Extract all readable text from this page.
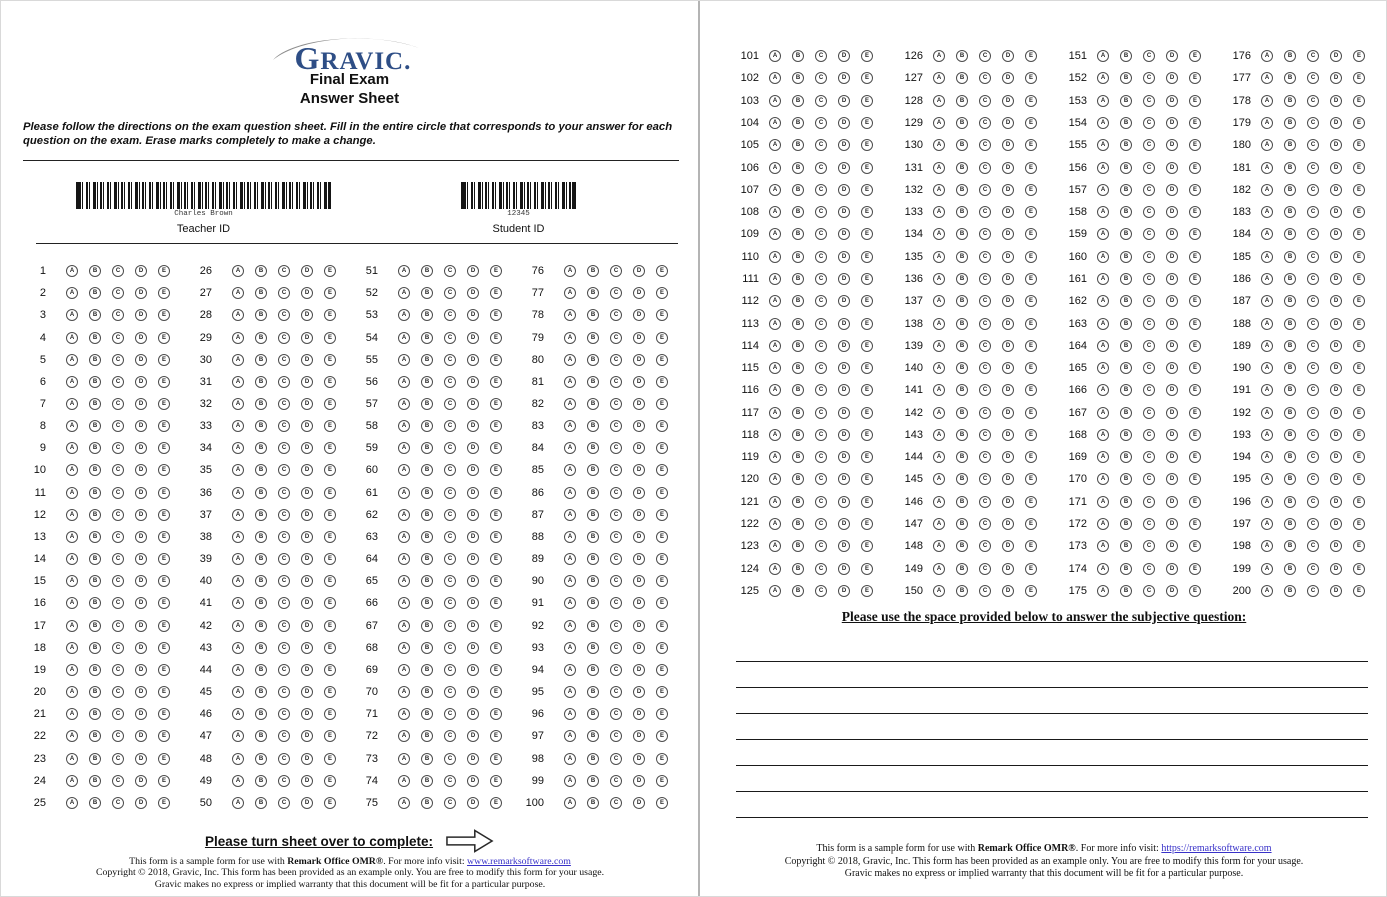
GRAVIC.
Final Exam
Answer Sheet
Please follow the directions on the exam question sheet. Fill in the entire circle that corresponds to your answer for each question on the exam. Erase marks completely to make a change.
Charles Brown
Teacher ID
12345
Student ID
1	A	B	C	D	E
2	A	B	C	D	E
3	A	B	C	D	E
4	A	B	C	D	E
5	A	B	C	D	E
6	A	B	C	D	E
7	A	B	C	D	E
8	A	B	C	D	E
9	A	B	C	D	E
10	A	B	C	D	E
11	A	B	C	D	E
12	A	B	C	D	E
13	A	B	C	D	E
14	A	B	C	D	E
15	A	B	C	D	E
16	A	B	C	D	E
17	A	B	C	D	E
18	A	B	C	D	E
19	A	B	C	D	E
20	A	B	C	D	E
21	A	B	C	D	E
22	A	B	C	D	E
23	A	B	C	D	E
24	A	B	C	D	E
25	A	B	C	D	E
26	A	B	C	D	E
27	A	B	C	D	E
28	A	B	C	D	E
29	A	B	C	D	E
30	A	B	C	D	E
31	A	B	C	D	E
32	A	B	C	D	E
33	A	B	C	D	E
34	A	B	C	D	E
35	A	B	C	D	E
36	A	B	C	D	E
37	A	B	C	D	E
38	A	B	C	D	E
39	A	B	C	D	E
40	A	B	C	D	E
41	A	B	C	D	E
42	A	B	C	D	E
43	A	B	C	D	E
44	A	B	C	D	E
45	A	B	C	D	E
46	A	B	C	D	E
47	A	B	C	D	E
48	A	B	C	D	E
49	A	B	C	D	E
50	A	B	C	D	E
51	A	B	C	D	E
52	A	B	C	D	E
53	A	B	C	D	E
54	A	B	C	D	E
55	A	B	C	D	E
56	A	B	C	D	E
57	A	B	C	D	E
58	A	B	C	D	E
59	A	B	C	D	E
60	A	B	C	D	E
61	A	B	C	D	E
62	A	B	C	D	E
63	A	B	C	D	E
64	A	B	C	D	E
65	A	B	C	D	E
66	A	B	C	D	E
67	A	B	C	D	E
68	A	B	C	D	E
69	A	B	C	D	E
70	A	B	C	D	E
71	A	B	C	D	E
72	A	B	C	D	E
73	A	B	C	D	E
74	A	B	C	D	E
75	A	B	C	D	E
76	A	B	C	D	E
77	A	B	C	D	E
78	A	B	C	D	E
79	A	B	C	D	E
80	A	B	C	D	E
81	A	B	C	D	E
82	A	B	C	D	E
83	A	B	C	D	E
84	A	B	C	D	E
85	A	B	C	D	E
86	A	B	C	D	E
87	A	B	C	D	E
88	A	B	C	D	E
89	A	B	C	D	E
90	A	B	C	D	E
91	A	B	C	D	E
92	A	B	C	D	E
93	A	B	C	D	E
94	A	B	C	D	E
95	A	B	C	D	E
96	A	B	C	D	E
97	A	B	C	D	E
98	A	B	C	D	E
99	A	B	C	D	E
100	A	B	C	D	E
Please turn sheet over to complete:
This form is a sample form for use with Remark Office OMR®. For more info visit: www.remarksoftware.com
Copyright © 2018, Gravic, Inc. This form has been provided as an example only. You are free to modify this form for your usage.
Gravic makes no express or implied warranty that this document will be fit for a particular purpose.
101	A	B	C	D	E
102	A	B	C	D	E
103	A	B	C	D	E
104	A	B	C	D	E
105	A	B	C	D	E
106	A	B	C	D	E
107	A	B	C	D	E
108	A	B	C	D	E
109	A	B	C	D	E
110	A	B	C	D	E
111	A	B	C	D	E
112	A	B	C	D	E
113	A	B	C	D	E
114	A	B	C	D	E
115	A	B	C	D	E
116	A	B	C	D	E
117	A	B	C	D	E
118	A	B	C	D	E
119	A	B	C	D	E
120	A	B	C	D	E
121	A	B	C	D	E
122	A	B	C	D	E
123	A	B	C	D	E
124	A	B	C	D	E
125	A	B	C	D	E
126	A	B	C	D	E
127	A	B	C	D	E
128	A	B	C	D	E
129	A	B	C	D	E
130	A	B	C	D	E
131	A	B	C	D	E
132	A	B	C	D	E
133	A	B	C	D	E
134	A	B	C	D	E
135	A	B	C	D	E
136	A	B	C	D	E
137	A	B	C	D	E
138	A	B	C	D	E
139	A	B	C	D	E
140	A	B	C	D	E
141	A	B	C	D	E
142	A	B	C	D	E
143	A	B	C	D	E
144	A	B	C	D	E
145	A	B	C	D	E
146	A	B	C	D	E
147	A	B	C	D	E
148	A	B	C	D	E
149	A	B	C	D	E
150	A	B	C	D	E
151	A	B	C	D	E
152	A	B	C	D	E
153	A	B	C	D	E
154	A	B	C	D	E
155	A	B	C	D	E
156	A	B	C	D	E
157	A	B	C	D	E
158	A	B	C	D	E
159	A	B	C	D	E
160	A	B	C	D	E
161	A	B	C	D	E
162	A	B	C	D	E
163	A	B	C	D	E
164	A	B	C	D	E
165	A	B	C	D	E
166	A	B	C	D	E
167	A	B	C	D	E
168	A	B	C	D	E
169	A	B	C	D	E
170	A	B	C	D	E
171	A	B	C	D	E
172	A	B	C	D	E
173	A	B	C	D	E
174	A	B	C	D	E
175	A	B	C	D	E
176	A	B	C	D	E
177	A	B	C	D	E
178	A	B	C	D	E
179	A	B	C	D	E
180	A	B	C	D	E
181	A	B	C	D	E
182	A	B	C	D	E
183	A	B	C	D	E
184	A	B	C	D	E
185	A	B	C	D	E
186	A	B	C	D	E
187	A	B	C	D	E
188	A	B	C	D	E
189	A	B	C	D	E
190	A	B	C	D	E
191	A	B	C	D	E
192	A	B	C	D	E
193	A	B	C	D	E
194	A	B	C	D	E
195	A	B	C	D	E
196	A	B	C	D	E
197	A	B	C	D	E
198	A	B	C	D	E
199	A	B	C	D	E
200	A	B	C	D	E
Please use the space provided below to answer the subjective question:
This form is a sample form for use with Remark Office OMR®. For more info visit: https://remarksoftware.com
Copyright © 2018, Gravic, Inc. This form has been provided as an example only. You are free to modify this form for your usage.
Gravic makes no express or implied warranty that this document will be fit for a particular purpose.
